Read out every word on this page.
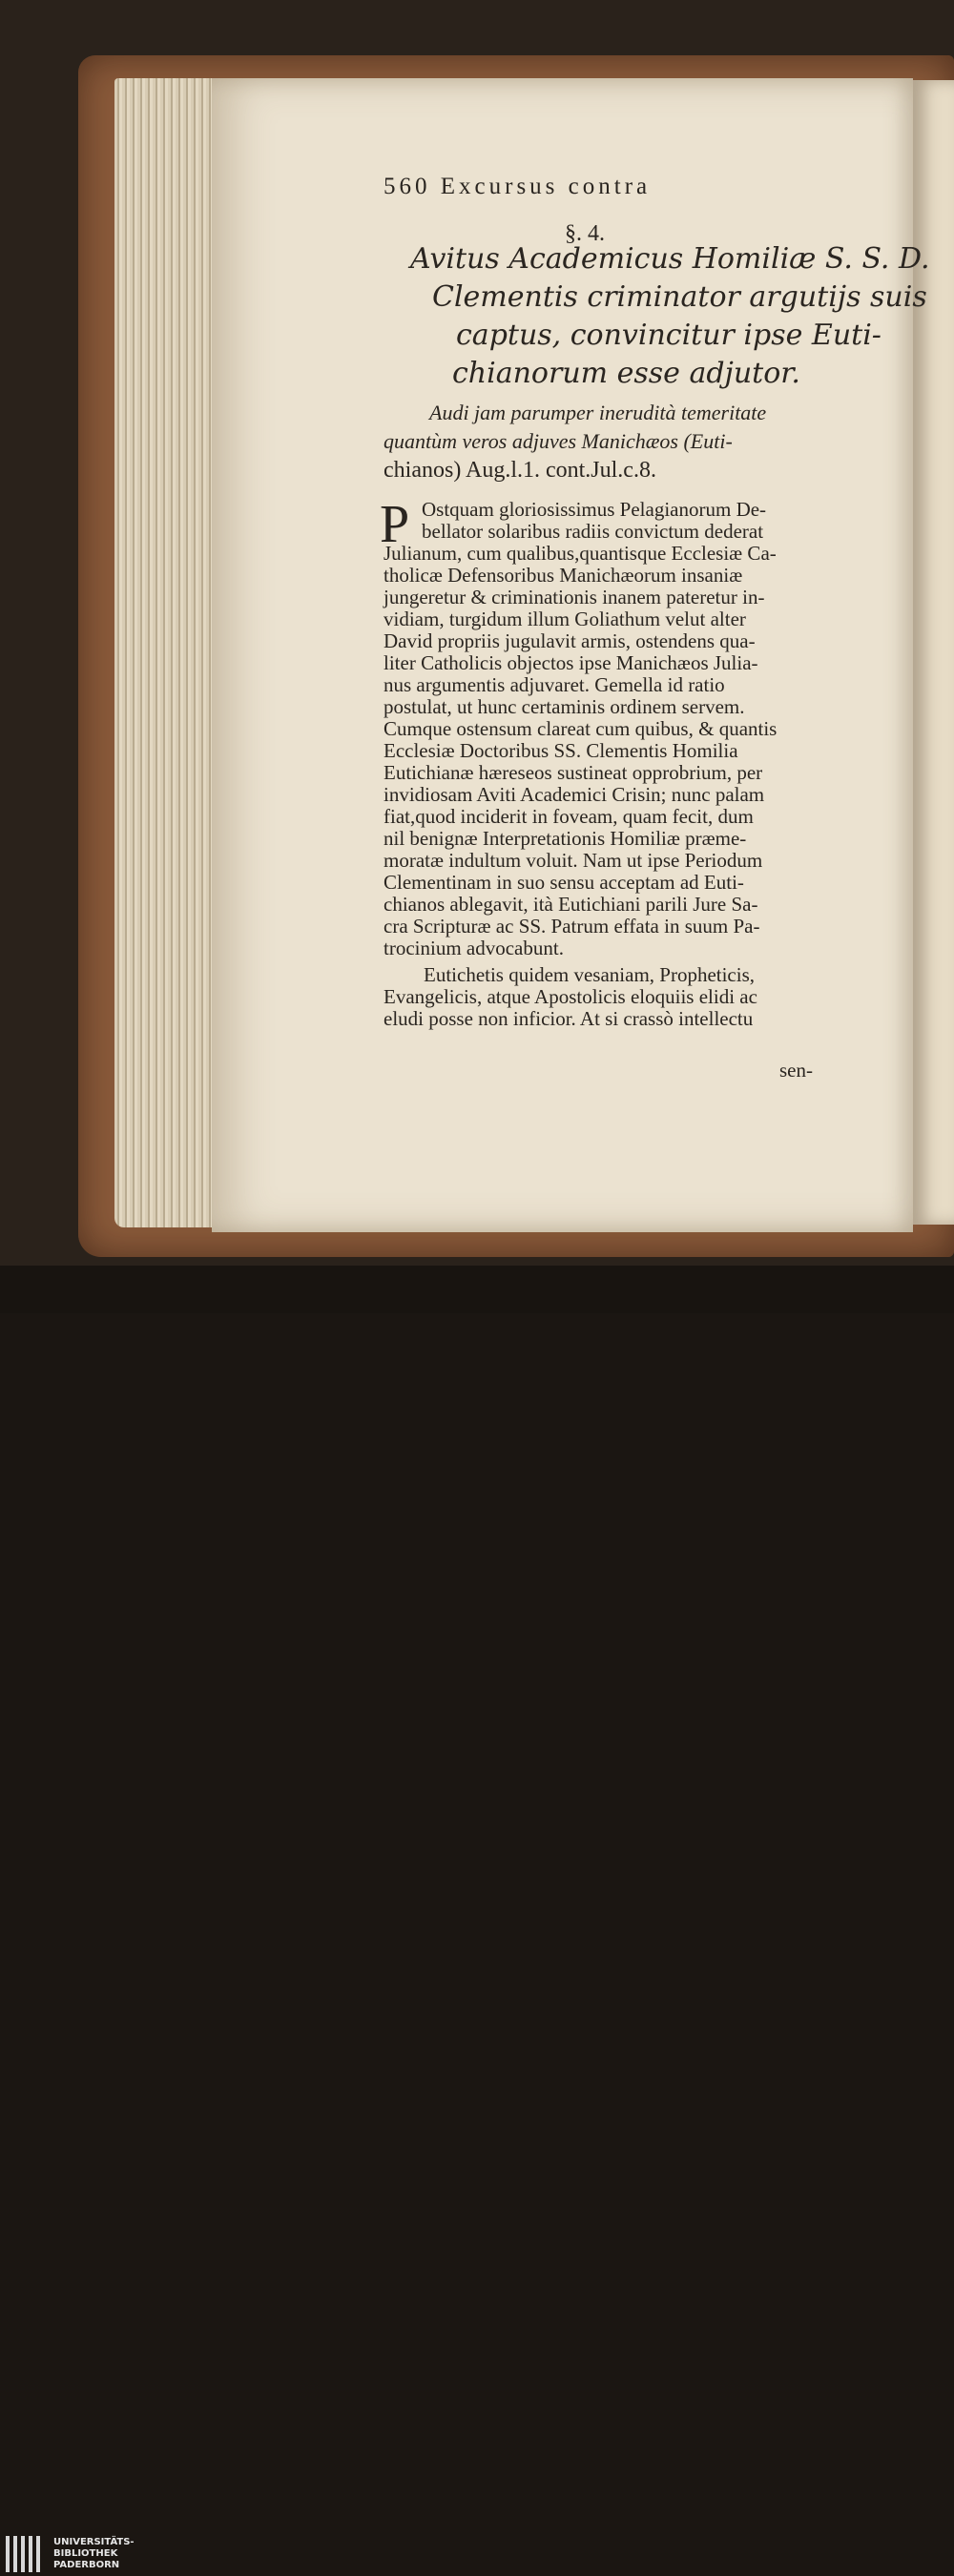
560 Excursus contra
§. 4.
Avitus Academicus Homiliæ S. S. D.
Clementis criminator argutijs suis
captus, convincitur ipse Euti-
chianorum esse adjutor.
Audi jam parumper inerudità temeritate
quantùm veros adjuves Manichæos (Euti-
chianos) Aug.l.1. cont.Jul.c.8.
P Ostquam gloriosissimus Pelagianorum De-
bellator solaribus radiis convictum dederat
Julianum, cum qualibus,quantisque Ecclesiæ Ca-
tholicæ Defensoribus Manichæorum insaniæ
jungeretur & criminationis inanem pateretur in-
vidiam, turgidum illum Goliathum velut alter
David propriis jugulavit armis, ostendens qua-
liter Catholicis objectos ipse Manichæos Julia-
nus argumentis adjuvaret. Gemella id ratio
postulat, ut hunc certaminis ordinem servem.
Cumque ostensum clareat cum quibus, & quantis
Ecclesiæ Doctoribus SS. Clementis Homilia
Eutichianæ hæreseos sustineat opprobrium, per
invidiosam Aviti Academici Crisin; nunc palam
fiat,quod inciderit in foveam, quam fecit, dum
nil benignæ Interpretationis Homiliæ præme-
moratæ indultum voluit. Nam ut ipse Periodum
Clementinam in suo sensu acceptam ad Euti-
chianos ablegavit, ità Eutichiani parili Jure Sa-
cra Scripturæ ac SS. Patrum effata in suum Pa-
trocinium advocabunt.
Eutichetis quidem vesaniam, Propheticis,
Evangelicis, atque Apostolicis eloquiis elidi ac
eludi posse non inficior. At si crassò intellectu
sen-
UNIVERSITÄTS-
BIBLIOTHEK
PADERBORN
